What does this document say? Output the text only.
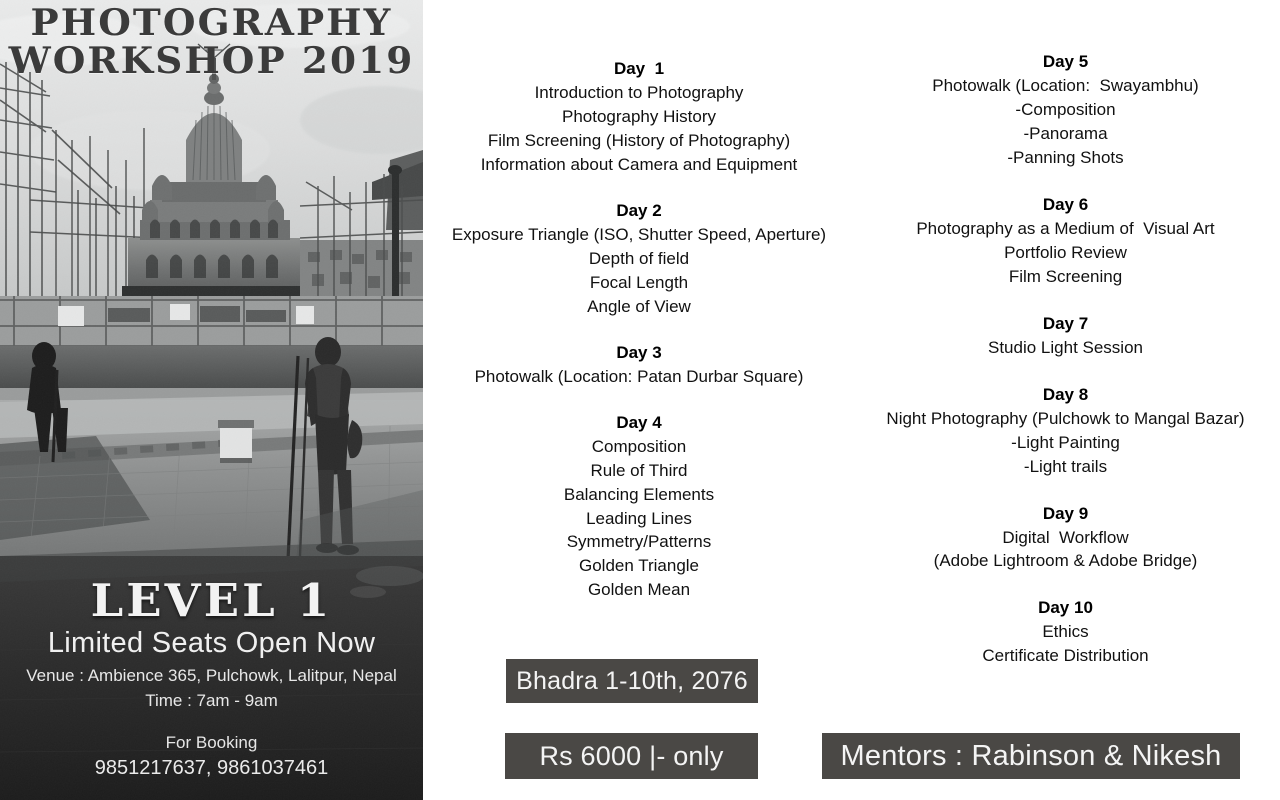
PHOTOGRAPHY
WORKSHOP 2019
LEVEL 1
Limited Seats Open Now
Venue : Ambience 365, Pulchowk, Lalitpur, Nepal
Time : 7am - 9am
For Booking
9851217637, 9861037461
Day  1
Introduction to Photography
Photography History
Film Screening (History of Photography)
Information about Camera and Equipment
Day 2
Exposure Triangle (ISO, Shutter Speed, Aperture)
Depth of field
Focal Length
Angle of View
Day 3
Photowalk (Location: Patan Durbar Square)
Day 4
Composition
Rule of Third
Balancing Elements
Leading Lines
Symmetry/Patterns
Golden Triangle
Golden Mean
Day 5
Photowalk (Location:  Swayambhu)
-Composition
-Panorama
-Panning Shots
Day 6
Photography as a Medium of  Visual Art
Portfolio Review
Film Screening
Day 7
Studio Light Session
Day 8
Night Photography (Pulchowk to Mangal Bazar)
-Light Painting
-Light trails
Day 9
Digital  Workflow
(Adobe Lightroom & Adobe Bridge)
Day 10
Ethics
Certificate Distribution
Bhadra 1-10th, 2076
Rs 6000 |- only	Mentors : Rabinson & Nikesh
